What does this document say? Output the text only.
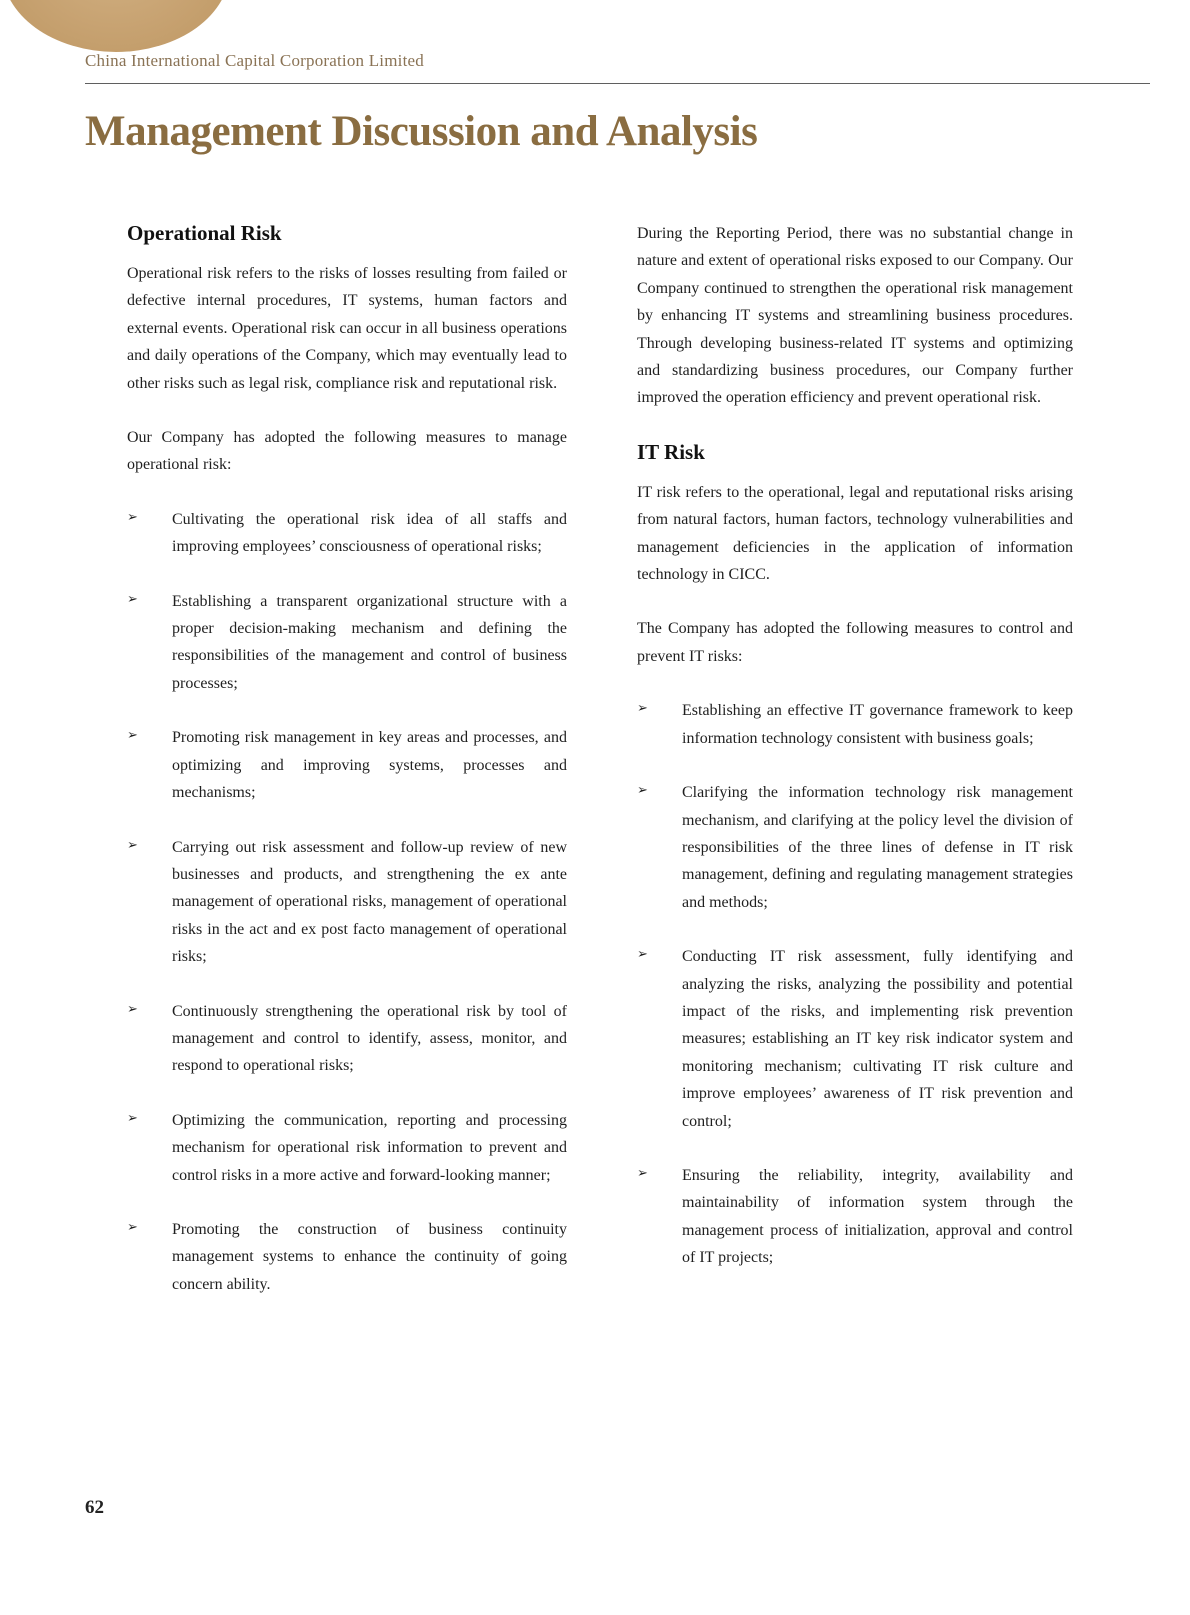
China International Capital Corporation Limited
Management Discussion and Analysis
Operational Risk

Operational risk refers to the risks of losses resulting from failed or defective internal procedures, IT systems, human factors and external events. Operational risk can occur in all business operations and daily operations of the Company, which may eventually lead to other risks such as legal risk, compliance risk and reputational risk.

Our Company has adopted the following measures to manage operational risk:

➢	Cultivating the operational risk idea of all staffs and improving employees’ consciousness of operational risks;
➢	Establishing a transparent organizational structure with a proper decision-making mechanism and defining the responsibilities of the management and control of business processes;
➢	Promoting risk management in key areas and processes, and optimizing and improving systems, processes and mechanisms;
➢	Carrying out risk assessment and follow-up review of new businesses and products, and strengthening the ex ante management of operational risks, management of operational risks in the act and ex post facto management of operational risks;
➢	Continuously strengthening the operational risk by tool of management and control to identify, assess, monitor, and respond to operational risks;
➢	Optimizing the communication, reporting and processing mechanism for operational risk information to prevent and control risks in a more active and forward-looking manner;
➢	Promoting the construction of business continuity management systems to enhance the continuity of going concern ability.

During the Reporting Period, there was no substantial change in nature and extent of operational risks exposed to our Company. Our Company continued to strengthen the operational risk management by enhancing IT systems and streamlining business procedures. Through developing business-related IT systems and optimizing and standardizing business procedures, our Company further improved the operation efficiency and prevent operational risk.

IT Risk

IT risk refers to the operational, legal and reputational risks arising from natural factors, human factors, technology vulnerabilities and management deficiencies in the application of information technology in CICC.

The Company has adopted the following measures to control and prevent IT risks:

➢	Establishing an effective IT governance framework to keep information technology consistent with business goals;
➢	Clarifying the information technology risk management mechanism, and clarifying at the policy level the division of responsibilities of the three lines of defense in IT risk management, defining and regulating management strategies and methods;
➢	Conducting IT risk assessment, fully identifying and analyzing the risks, analyzing the possibility and potential impact of the risks, and implementing risk prevention measures; establishing an IT key risk indicator system and monitoring mechanism; cultivating IT risk culture and improve employees’ awareness of IT risk prevention and control;
➢	Ensuring the reliability, integrity, availability and maintainability of information system through the management process of initialization, approval and control of IT projects;
62
